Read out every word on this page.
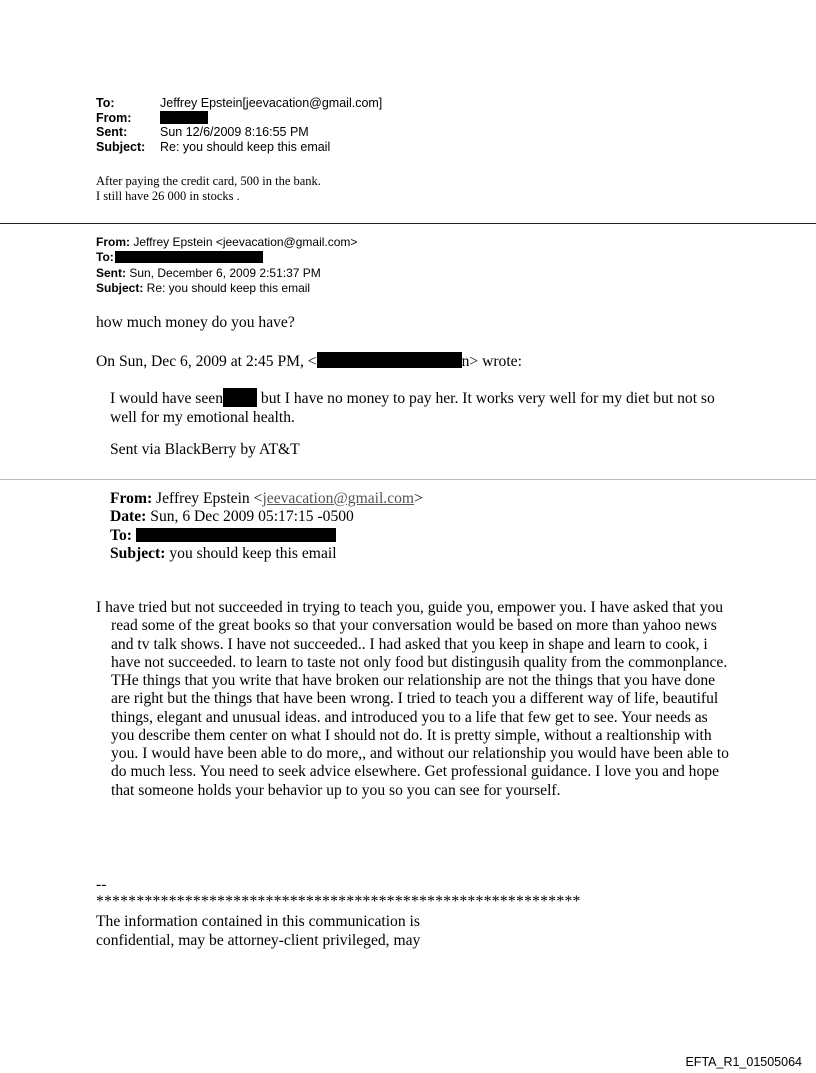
To:	Jeffrey Epstein[jeevacation@gmail.com]
From:
Sent:	Sun 12/6/2009 8:16:55 PM
Subject:	Re: you should keep this email
After paying the credit card, 500 in the bank.
I still have 26 000 in stocks .
From: Jeffrey Epstein <jeevacation@gmail.com>
To:
Sent: Sun, December 6, 2009 2:51:37 PM
Subject: Re: you should keep this email
how much money do you have?
On Sun, Dec 6, 2009 at 2:45 PM, <	n> wrote:
I would have seen but I have no money to pay her. It works very well for my diet but not so well for my emotional health.
Sent via BlackBerry by AT&T
From: Jeffrey Epstein <jeevacation@gmail.com>
Date: Sun, 6 Dec 2009 05:17:15 -0500
To:
Subject: you should keep this email
I have tried but not succeeded in trying to teach you, guide you, empower you. I have asked that you read some of the great books so that your conversation would be based on more than yahoo news and tv talk shows. I have not succeeded.. I had asked that you keep in shape and learn to cook, i have not succeeded. to learn to taste not only food but distingusih quality from the commonplance. THe things that you write that have broken our relationship are not the things that you have done are right but the things that have been wrong. I tried to teach you a different way of life, beautiful things, elegant and unusual ideas. and introduced you to a life that few get to see. Your needs as you describe them center on what I should not do. It is pretty simple, without a realtionship with you. I would have been able to do more,, and without our relationship you would have been able to do much less. You need to seek advice elsewhere. Get professional guidance. I love you and hope that someone holds your behavior up to you so you can see for yourself.
--
************************************************************
The information contained in this communication is
confidential, may be attorney-client privileged, may
EFTA_R1_01505064
